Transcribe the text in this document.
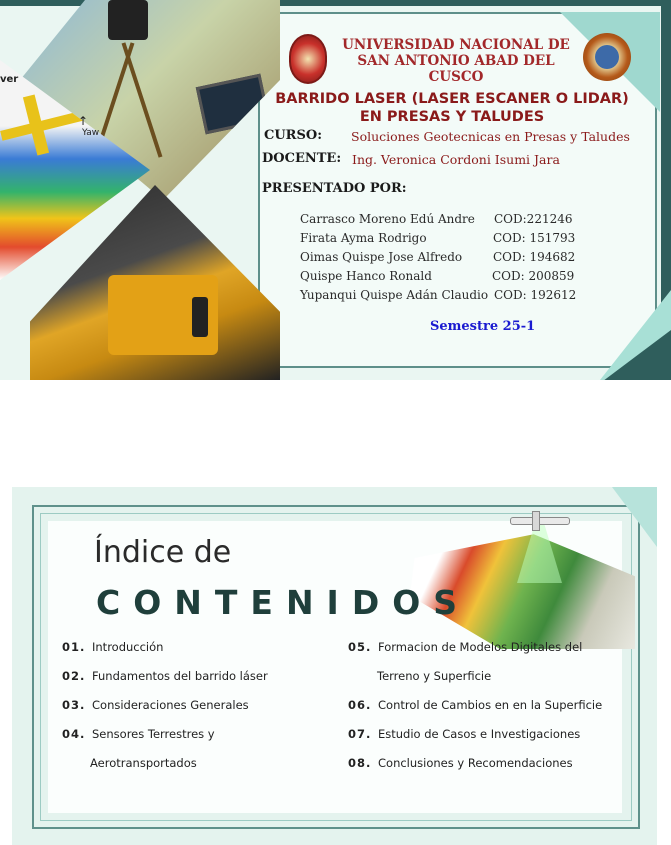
ver
↑
Yaw
UNIVERSIDAD NACIONAL DE SAN ANTONIO ABAD DEL CUSCO
BARRIDO LASER (LASER ESCANER O LIDAR) EN PRESAS Y TALUDES
CURSO: Soluciones Geotecnicas en Presas y Taludes
DOCENTE: Ing. Veronica Cordoni Isumi Jara
PRESENTADO POR:
Carrasco Moreno Edú Andre COD:221246
Firata Ayma Rodrigo	COD: 151793
Oimas Quispe Jose Alfredo	COD: 194682
Quispe Hanco Ronald	COD: 200859
Yupanqui Quispe Adán Claudio COD: 192612
Semestre 25-1
Índice de
CONTENIDOS
01. Introducción
02. Fundamentos del barrido láser
03. Consideraciones Generales
04. Sensores Terrestres y
Aerotransportados
05. Formacion de Modelos Digitales del
Terreno y Superficie
06. Control de Cambios en en la Superficie
07. Estudio de Casos e Investigaciones
08. Conclusiones y Recomendaciones
